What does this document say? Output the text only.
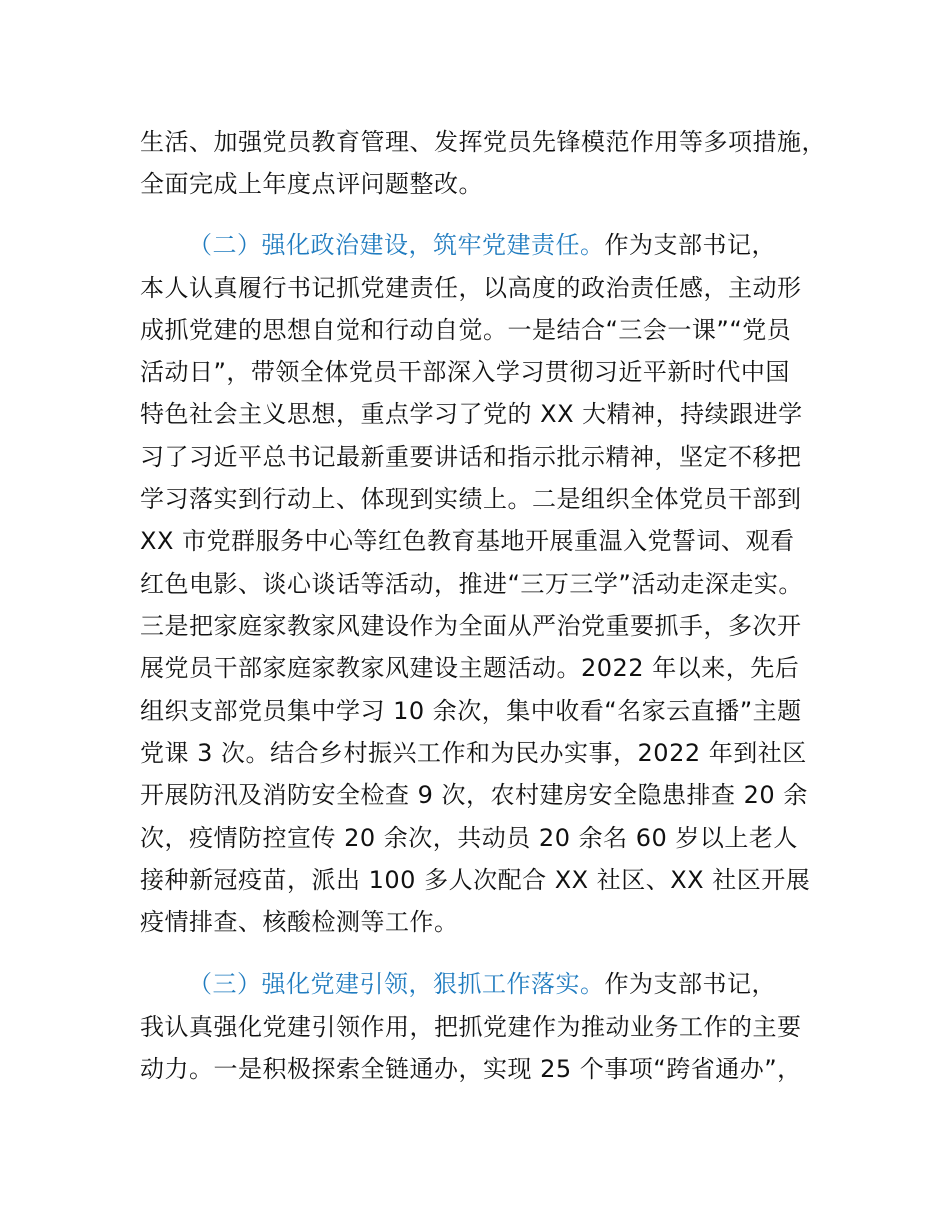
生活、加强党员教育管理、发挥党员先锋模范作用等多项措施，
全面完成上年度点评问题整改。
（二）强化政治建设，筑牢党建责任。作为支部书记，
本人认真履行书记抓党建责任，以高度的政治责任感，主动形
成抓党建的思想自觉和行动自觉。一是结合“三会一课”“党员
活动日”，带领全体党员干部深入学习贯彻习近平新时代中国
特色社会主义思想，重点学习了党的 XX 大精神，持续跟进学
习了习近平总书记最新重要讲话和指示批示精神，坚定不移把
学习落实到行动上、体现到实绩上。二是组织全体党员干部到
XX 市党群服务中心等红色教育基地开展重温入党誓词、观看
红色电影、谈心谈话等活动，推进“三万三学”活动走深走实。
三是把家庭家教家风建设作为全面从严治党重要抓手，多次开
展党员干部家庭家教家风建设主题活动。2022 年以来，先后
组织支部党员集中学习 10 余次，集中收看“名家云直播”主题
党课 3 次。结合乡村振兴工作和为民办实事，2022 年到社区
开展防汛及消防安全检查 9 次，农村建房安全隐患排查 20 余
次，疫情防控宣传 20 余次，共动员 20 余名 60 岁以上老人
接种新冠疫苗，派出 100 多人次配合 XX 社区、XX 社区开展
疫情排查、核酸检测等工作。
（三）强化党建引领，狠抓工作落实。作为支部书记，
我认真强化党建引领作用，把抓党建作为推动业务工作的主要
动力。一是积极探索全链通办，实现 25 个事项“跨省通办”，
